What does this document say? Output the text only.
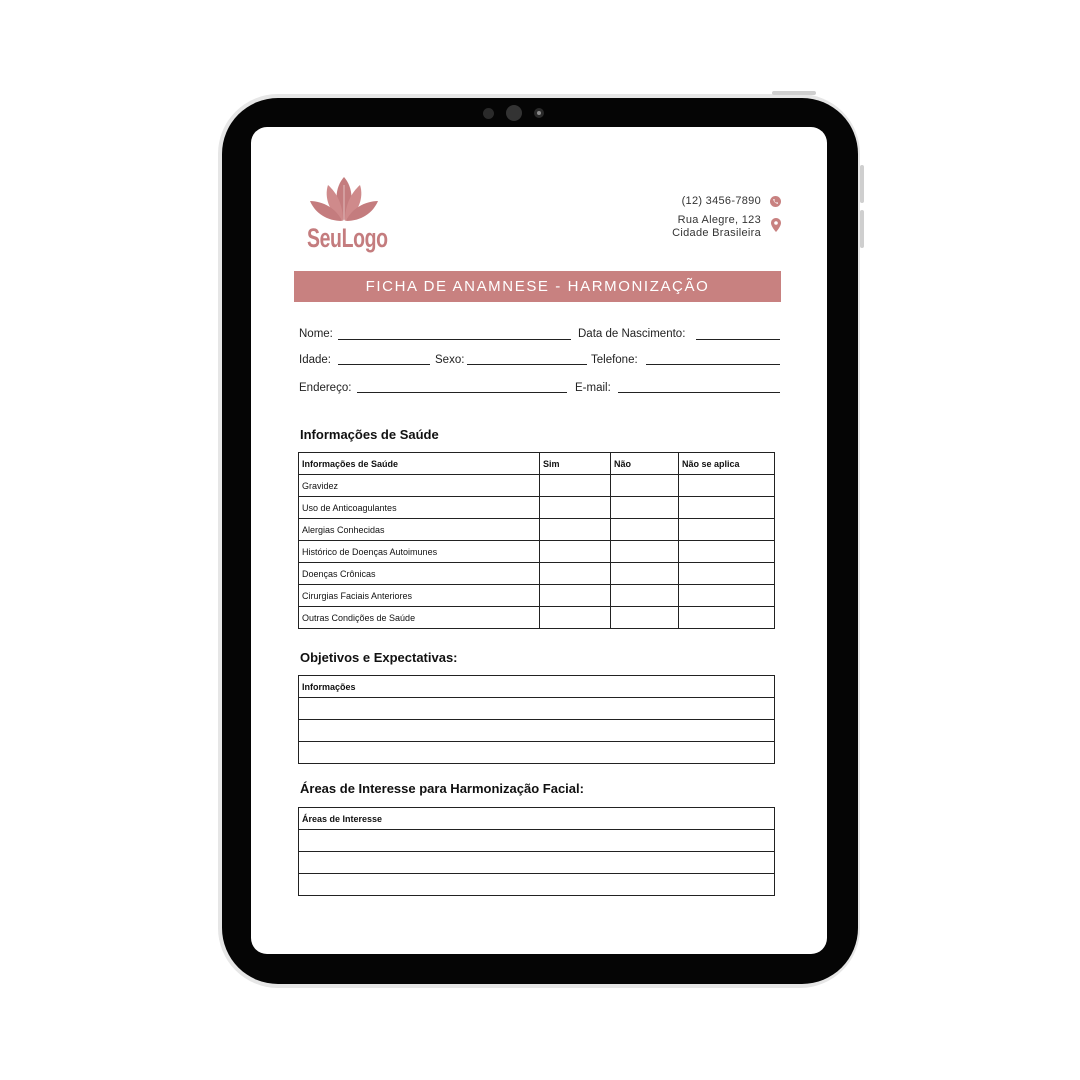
SeuLogo
(12) 3456-7890
Rua Alegre, 123
Cidade Brasileira
FICHA DE ANAMNESE - HARMONIZAÇÃO
Nome:	Data de Nascimento:
Idade:	Sexo:	Telefone:
Endereço:	E-mail:
Informações de Saúde
Informações de Saúde	Sim	Não	Não se aplica
Gravidez			
Uso de Anticoagulantes			
Alergias Conhecidas			
Histórico de Doenças Autoimunes			
Doenças Crônicas			
Cirurgias Faciais Anteriores			
Outras Condições de Saúde			
Objetivos e Expectativas:
Informações

Áreas de Interesse para Harmonização Facial:
Áreas de Interesse
